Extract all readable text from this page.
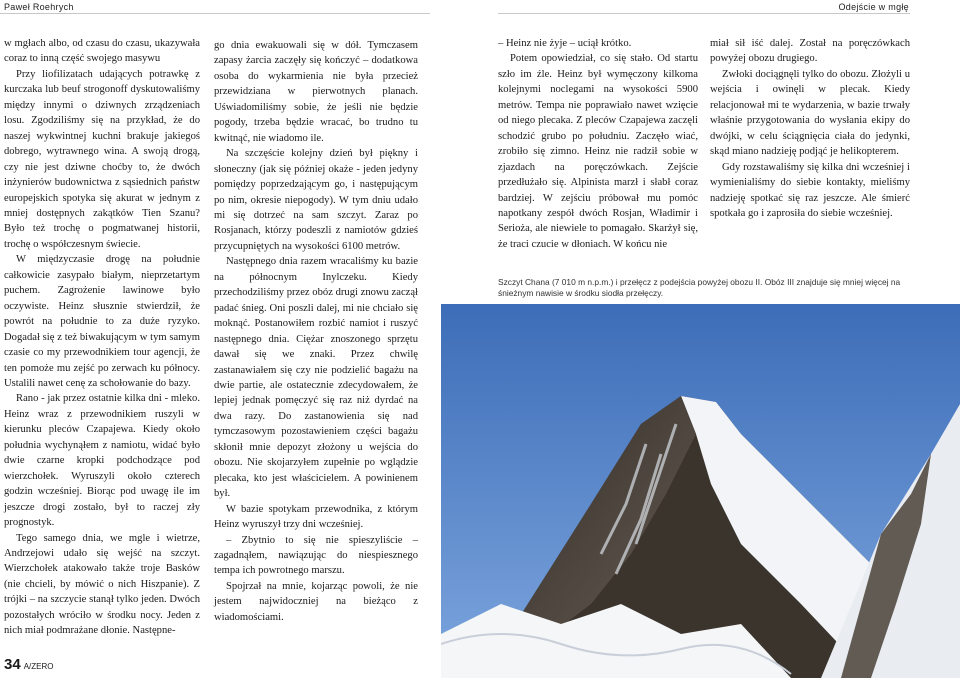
Paweł Roehrych	Odejście w mgłę

w mgłach albo, od czasu do czasu, ukazywała coraz to inną część swojego masywu

Przy liofilizatach udających potrawkę z kurczaka lub beuf strogonoff dyskutowaliśmy między innymi o dziwnych zrządzeniach losu. Zgodziliśmy się na przykład, że do naszej wykwintnej kuchni brakuje jakiegoś dobrego, wytrawnego wina. A swoją drogą, czy nie jest dziwne choćby to, że dwóch inżynierów budownictwa z sąsiednich państw europejskich spotyka się akurat w jednym z mniej dostępnych zakątków Tien Szanu? Było też trochę o pogmatwanej historii, trochę o współczesnym świecie.

W międzyczasie drogę na południe całkowicie zasypało białym, nieprzetartym puchem. Zagrożenie lawinowe było oczywiste. Heinz słusznie stwierdził, że powrót na południe to za duże ryzyko. Dogadał się z też biwakującym w tym samym czasie co my przewodnikiem tour agencji, że ten pomoże mu zejść po zerwach ku północy. Ustalili nawet cenę za schołowanie do bazy.

Rano - jak przez ostatnie kilka dni - mleko. Heinz wraz z przewodnikiem ruszyli w kierunku pleców Czapajewa. Kiedy około południa wychynąłem z namiotu, widać było dwie czarne kropki podchodzące pod wierzchołek. Wyruszyli około czterech godzin wcześniej. Biorąc pod uwagę ile im jeszcze drogi zostało, był to raczej zły prognostyk.

Tego samego dnia, we mgle i wietrze, Andrzejowi udało się wejść na szczyt. Wierzchołek atakowało także troje Basków (nie chcieli, by mówić o nich Hiszpanie). Z trójki – na szczycie stanął tylko jeden. Dwóch pozostałych wróciło w środku nocy. Jeden z nich miał podmrażane dłonie. Następne-

go dnia ewakuowali się w dół. Tymczasem zapasy żarcia zaczęły się kończyć – dodatkowa osoba do wykarmienia nie była przecież przewidziana w pierwotnych planach. Uświadomiliśmy sobie, że jeśli nie będzie pogody, trzeba będzie wracać, bo trudno tu kwitnąć, nie wiadomo ile.

Na szczęście kolejny dzień był piękny i słoneczny (jak się później okaże - jeden jedyny pomiędzy poprzedzającym go, i następującym po nim, okresie niepogody). W tym dniu udało mi się dotrzeć na sam szczyt. Zaraz po Rosjanach, którzy podeszli z namiotów gdzieś przycupniętych na wysokości 6100 metrów.

Następnego dnia razem wracaliśmy ku bazie na północnym Inylczeku. Kiedy przechodziliśmy przez obóz drugi znowu zaczął padać śnieg. Oni poszli dalej, mi nie chciało się moknąć. Postanowiłem rozbić namiot i ruszyć następnego dnia. Ciężar znoszonego sprzętu dawał się we znaki. Przez chwilę zastanawiałem się czy nie podzielić bagażu na dwie partie, ale ostatecznie zdecydowałem, że lepiej jednak pomęczyć się raz niż dyrdać na dwa razy. Do zastanowienia się nad tymczasowym pozostawieniem części bagażu skłonił mnie depozyt złożony u wejścia do obozu. Nie skojarzyłem zupełnie po wglądzie plecaka, kto jest właścicielem. A powinienem był.

W bazie spotykam przewodnika, z którym Heinz wyruszył trzy dni wcześniej.

– Zbytnio to się nie spieszyliście – zagadnąłem, nawiązując do niespiesznego tempa ich powrotnego marszu.

Spojrzał na mnie, kojarząc powoli, że nie jestem najwidoczniej na bieżąco z wiadomościami.

– Heinz nie żyje – uciął krótko.

Potem opowiedział, co się stało. Od startu szło im źle. Heinz był wymęczony kilkoma kolejnymi noclegami na wysokości 5900 metrów. Tempa nie poprawiało nawet wzięcie od niego plecaka. Z pleców Czapajewa zaczęli schodzić grubo po południu. Zaczęło wiać, zrobiło się zimno. Heinz nie radził sobie w zjazdach na poręczówkach. Zejście przedłużało się. Alpinista marzł i słabł coraz bardziej. W zejściu próbował mu pomóc napotkany zespół dwóch Rosjan, Władimir i Serioża, ale niewiele to pomagało. Skarżył się, że traci czucie w dłoniach. W końcu nie

miał sił iść dalej. Został na poręczówkach powyżej obozu drugiego.

Zwłoki dociągnęli tylko do obozu. Złożyli u wejścia i owinęli w plecak. Kiedy relacjonował mi te wydarzenia, w bazie trwały właśnie przygotowania do wysłania ekipy do dwójki, w celu ściągnięcia ciała do jedynki, skąd miano nadzieję podjąć je helikopterem.

Gdy rozstawaliśmy się kilka dni wcześniej i wymienialiśmy do siebie kontakty, mieliśmy nadzieję spotkać się raz jeszcze. Ale śmierć spotkała go i zaprosiła do siebie wcześniej.

Szczyt Chana (7 010 m n.p.m.) i przełęcz z podejścia powyżej obozu II. Obóz III znajduje się mniej więcej na śnieżnym nawisie w środku siodła przełęczy.
34 A/ZERO
